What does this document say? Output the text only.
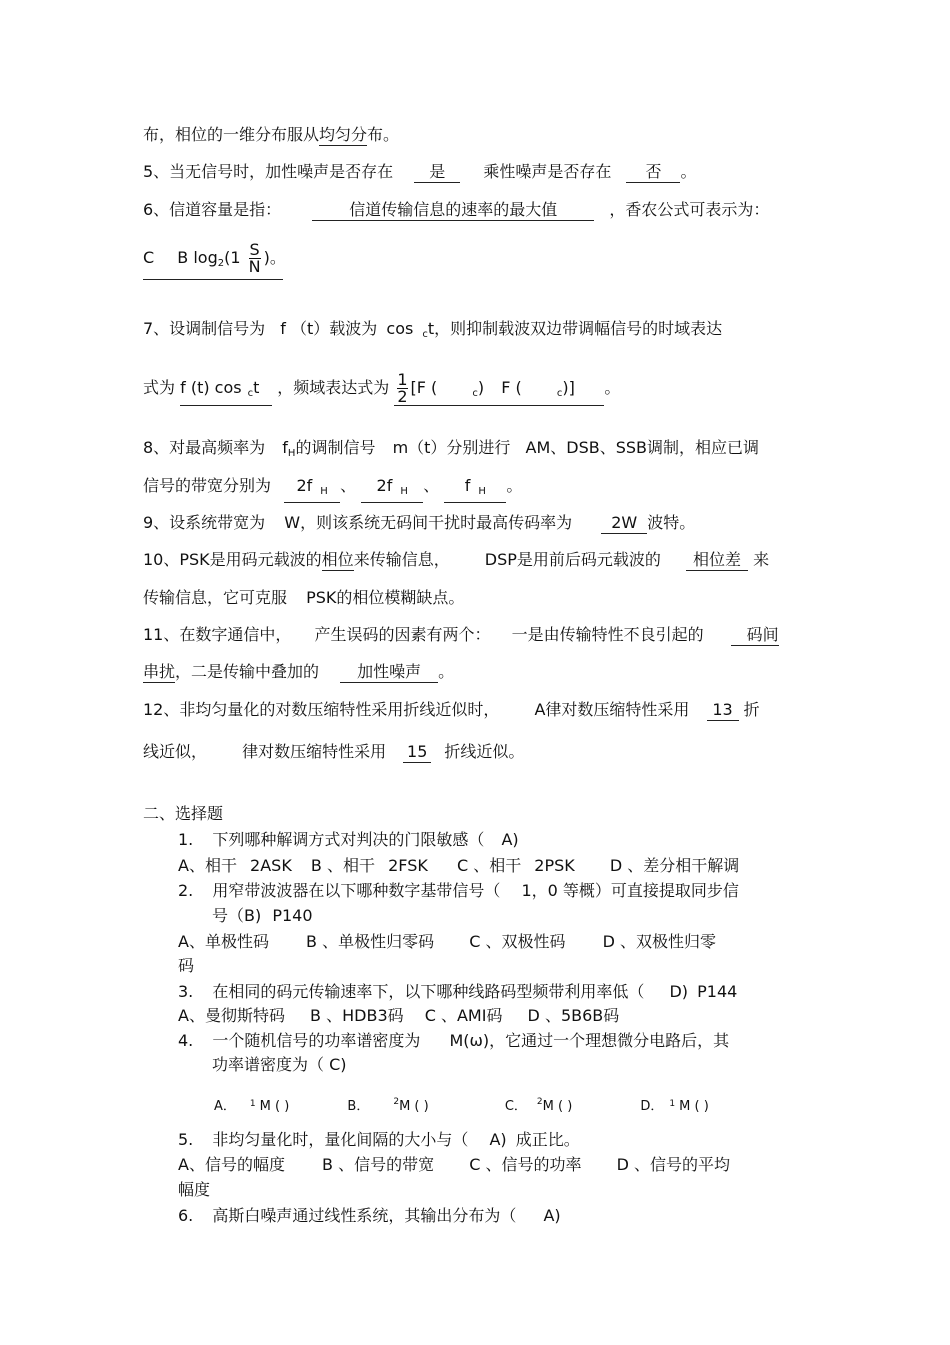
布，相位的一维分布服从均匀分布。
5、当无信号时，加性噪声是否存在 是 乘性噪声是否存在 否 。
6、信道容量是指：	信道传输信息的速率的最大值	，香农公式可表示为：
C B $\log 2(1 \frac{S}{N}$ )。
7、设调制信号为 f （t）载波为 cos ct，则抑制载波双边带调幅信号的时域表达
式为 f (t) cos ct ，频域表达式为 $\frac{1}{2} [F$ (	c) F (	c)] 。
8、对最高频率为 fH的调制信号 m（t）分别进行 AM、DSB、SSB调制，相应已调
信号的带宽分别为 2f H 、 2f H 、 f H 。
9、设系统带宽为 W，则该系统无码间干扰时最高传码率为 2W 波特。
10、PSK是用码元载波的相位来传输信息， DSP是用前后码元载波的 相位差 来
传输信息，它可克服 PSK的相位模糊缺点。
11、在数字通信中， 产生误码的因素有两个： 一是由传输特性不良引起的	码间
串扰，二是传输中叠加的 加性噪声 。
12、非均匀量化的对数压缩特性采用折线近似时， A律对数压缩特性采用 13 折
线近似， 律对数压缩特性采用 15 折线近似。
二、选择题
1. 下列哪种解调方式对判决的门限敏感（ A)
A、相干 2ASK B 、相干 2FSK C 、相干 2PSK D 、差分相干解调
2. 用窄带波波器在以下哪种数字基带信号（ 1，0 等概）可直接提取同步信
号（B) P140
A、单极性码 B 、单极性归零码 C 、双极性码 D 、双极性归零
码
3. 在相同的码元传输速率下，以下哪种线路码型频带利用率低（ D) P144
A、曼彻斯特码 B 、HDB3码 C 、AMI码 D 、5B6B码
4. 一个随机信号的功率谱密度为 M(ω)，它通过一个理想微分电路后，其
功率谱密度为（ C)
A． $^1$ M ( )	B．	$^2$M ( )	C． $^2$M ( )	D． $^1$ M ( )
5. 非均匀量化时，量化间隔的大小与（ A) 成正比。
A、信号的幅度 B 、信号的带宽 C 、信号的功率 D 、信号的平均
幅度
6. 高斯白噪声通过线性系统，其输出分布为（ A)
